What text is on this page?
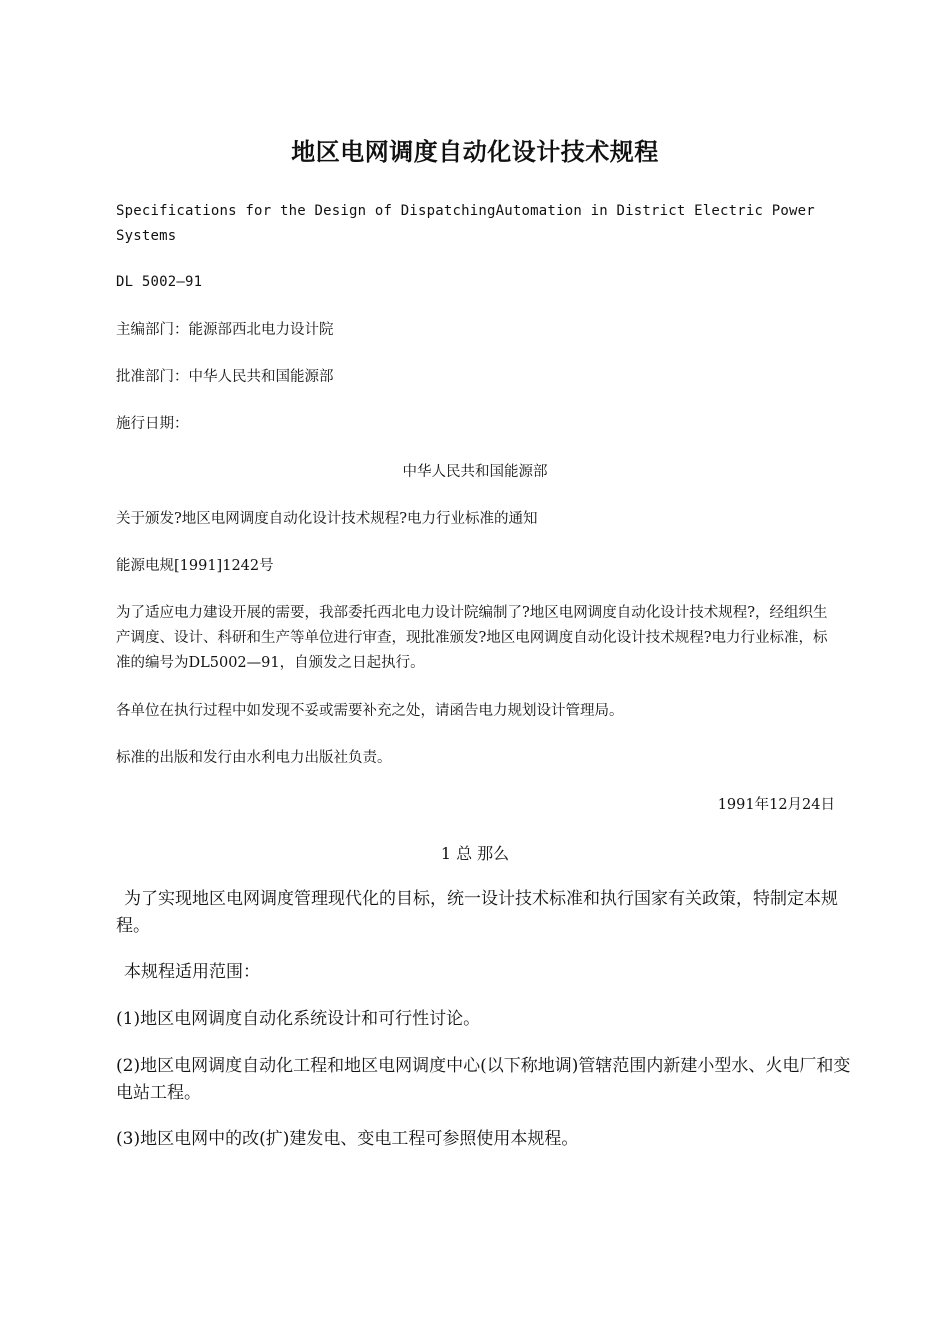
地区电网调度自动化设计技术规程

Specifications for the Design of DispatchingAutomation in District Electric Power Systems

DL 5002—91

主编部门：能源部西北电力设计院

批准部门：中华人民共和国能源部

施行日期：

中华人民共和国能源部

关于颁发?地区电网调度自动化设计技术规程?电力行业标准的通知

能源电规[1991]1242号

为了适应电力建设开展的需要，我部委托西北电力设计院编制了?地区电网调度自动化设计技术规程?，经组织生产调度、设计、科研和生产等单位进行审查，现批准颁发?地区电网调度自动化设计技术规程?电力行业标准，标准的编号为DL5002—91，自颁发之日起执行。

各单位在执行过程中如发现不妥或需要补充之处，请函告电力规划设计管理局。

标准的出版和发行由水利电力出版社负责。

1991年12月24日

1 总 那么

为了实现地区电网调度管理现代化的目标，统一设计技术标准和执行国家有关政策，特制定本规程。

本规程适用范围：

(1)地区电网调度自动化系统设计和可行性讨论。

(2)地区电网调度自动化工程和地区电网调度中心(以下称地调)管辖范围内新建小型水、火电厂和变电站工程。

(3)地区电网中的改(扩)建发电、变电工程可参照使用本规程。
